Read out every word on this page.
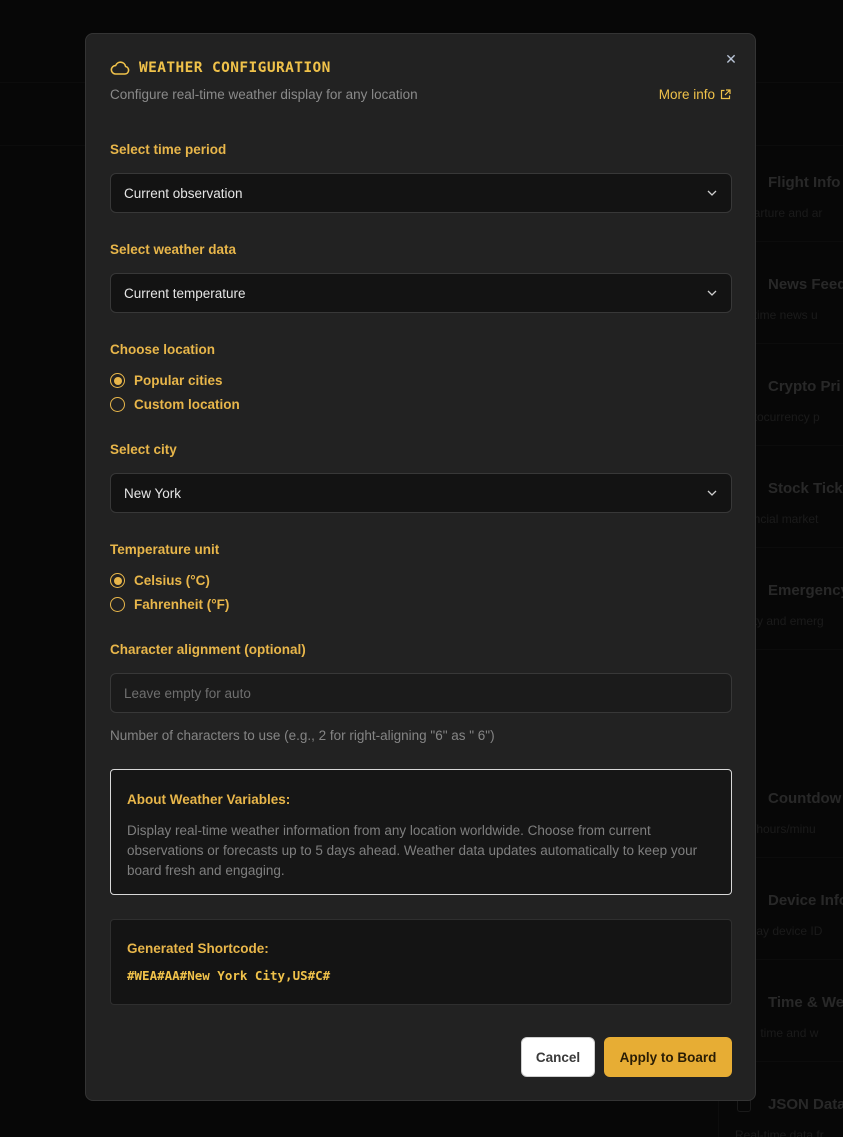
✕
WEATHER CONFIGURATION
Configure real-time weather display for any location	More info
Select time period
Current observation
Select weather data
Current temperature
Choose location
Popular cities
Custom location
Select city
New York
Temperature unit
Celsius (°C)
Fahrenheit (°F)
Character alignment (optional)
Leave empty for auto
Number of characters to use (e.g., 2 for right-aligning "6" as " 6")
About Weather Variables:
Display real-time weather information from any location worldwide. Choose from current observations or forecasts up to 5 days ahead. Weather data updates automatically to keep your board fresh and engaging.
Generated Shortcode:
#WEA#AA#New York City,US#C#
Cancel	Apply to Board
